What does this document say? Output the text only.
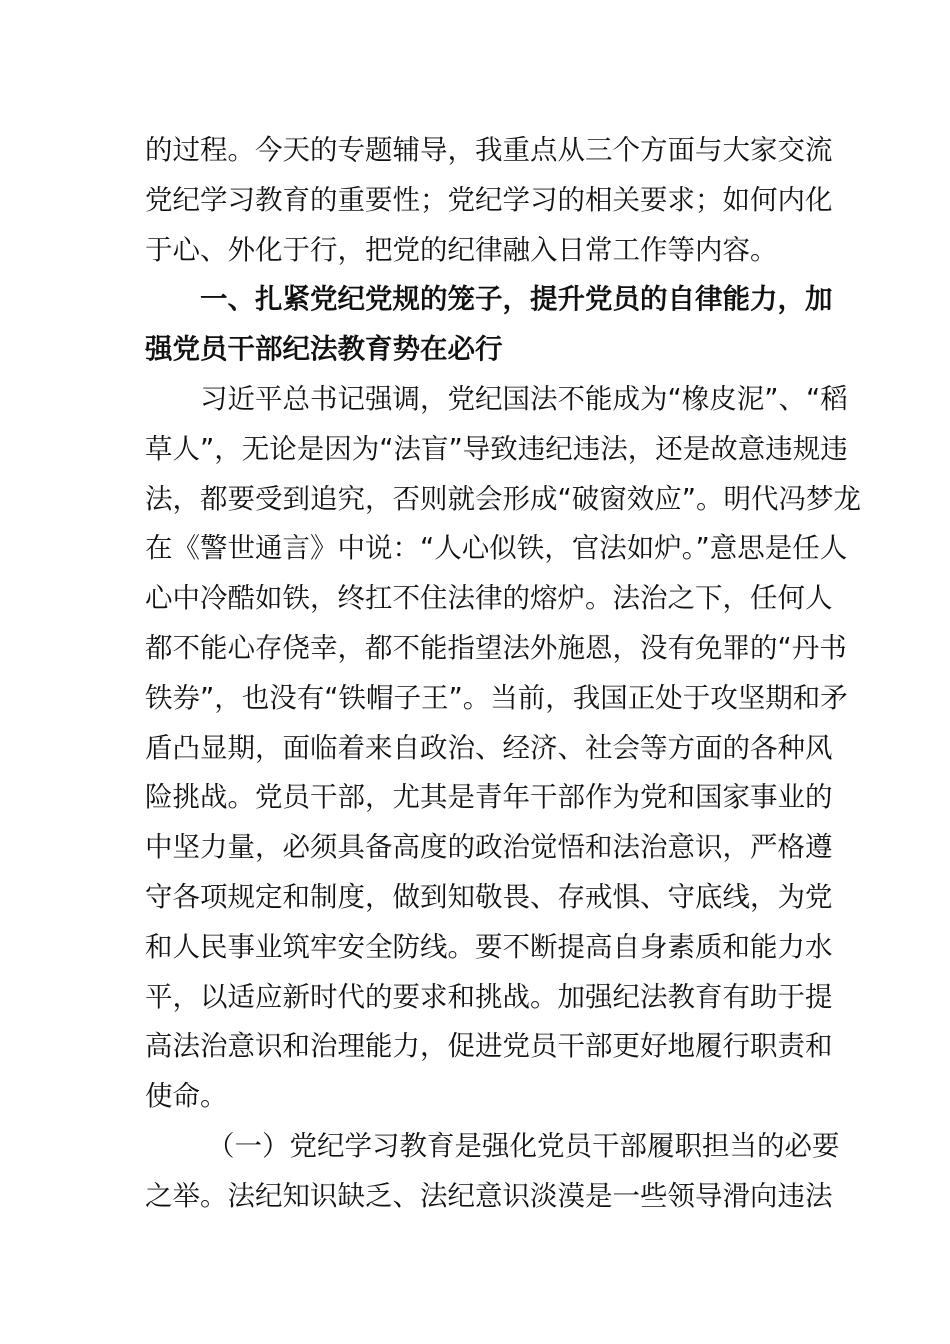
的过程。今天的专题辅导，我重点从三个方面与大家交流
党纪学习教育的重要性；党纪学习的相关要求；如何内化
于心、外化于行，把党的纪律融入日常工作等内容。
一、扎紧党纪党规的笼子，提升党员的自律能力，加
强党员干部纪法教育势在必行
习近平总书记强调，党纪国法不能成为“橡皮泥”、“稻
草人”，无论是因为“法盲”导致违纪违法，还是故意违规违
法，都要受到追究，否则就会形成“破窗效应”。明代冯梦龙
在《警世通言》中说：“人心似铁，官法如炉。”意思是任人
心中冷酷如铁，终扛不住法律的熔炉。法治之下，任何人
都不能心存侥幸，都不能指望法外施恩，没有免罪的“丹书
铁券”，也没有“铁帽子王”。当前，我国正处于攻坚期和矛
盾凸显期，面临着来自政治、经济、社会等方面的各种风
险挑战。党员干部，尤其是青年干部作为党和国家事业的
中坚力量，必须具备高度的政治觉悟和法治意识，严格遵
守各项规定和制度，做到知敬畏、存戒惧、守底线，为党
和人民事业筑牢安全防线。要不断提高自身素质和能力水
平，以适应新时代的要求和挑战。加强纪法教育有助于提
高法治意识和治理能力，促进党员干部更好地履行职责和
使命。
（一）党纪学习教育是强化党员干部履职担当的必要
之举。法纪知识缺乏、法纪意识淡漠是一些领导滑向违法
